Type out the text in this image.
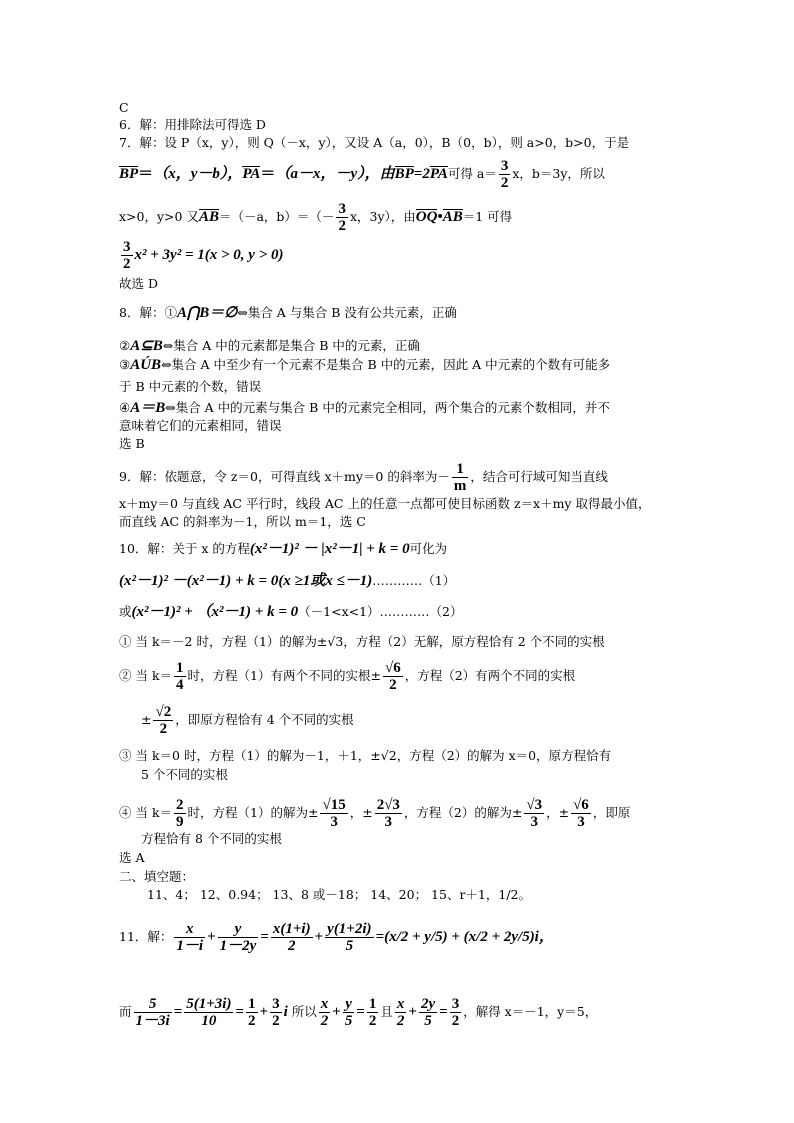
C
6．解：用排除法可得选 D
7．解：设 P（x，y），则 Q（－x，y），又设 A（a，0），B（0，b），则 a>0，b>0，于是
BP＝（x，y－b），PA＝（a－x，－y），由BP=2PA可得 $a= \frac{3}{2}$ x，b＝3y，所以
x>0，y>0 又AB＝（－a，$b)=(- \frac{3}{2}$ x，3y），由OQ•AB＝1 可得
$\frac{3}{2} x^2 + 3y^2 = 1(x > 0$, y > 0)
故选 D
8．解：①A⋂B＝∅⇔集合 A 与集合 B 没有公共元素，正确
②A⊆B⇔集合 A 中的元素都是集合 B 中的元素，正确
③AÚB⇔集合 A 中至少有一个元素不是集合 B 中的元素，因此 A 中元素的个数有可能多
于 B 中元素的个数，错误
④A＝B⇔集合 A 中的元素与集合 B 中的元素完全相同，两个集合的元素个数相同，并不
意味着它们的元素相同，错误
选 B
9．解：依题意，令 z＝0，可得直线 x＋my＝0 的斜率为－ $\frac{1}{m}$ ，结合可行域可知当直线
x＋my＝0 与直线 AC 平行时，线段 AC 上的任意一点都可使目标函数 z＝x＋my 取得最小值，
而直线 AC 的斜率为－1，所以 m＝1，选 C
10．解：关于 x 的方程(x²－1)² － |x²－1| + k = 0可化为
(x²－1)² －(x²－1) + k = 0(x ≥1或x ≤－1)…………（1）
或(x²－1)² + （x²－1) + k = 0（－1<x<1）…………（2）
① 当 k＝－2 时，方程（1）的解为±√3，方程（2）无解，原方程恰有 2 个不同的实根
② 当 $k= \frac{1}{4}$ 时，方程（1）有两个不同的实根± $\frac{√6}{2}$ ，方程（2）有两个不同的实根
± $\frac{√2}{2}$ ，即原方程恰有 4 个不同的实根
③ 当 k＝0 时，方程（1）的解为－1，＋1，±√2，方程（2）的解为 x＝0，原方程恰有
5 个不同的实根
④ 当 $k= \frac{2}{9}$ 时，方程（1）的解为± $\frac{√15}{3}$ ，± $\frac{2√3}{3}$ ，方程（2）的解为± $\frac{√3}{3}$ ，± $\frac{√6}{3}$ ，即原
方程恰有 8 个不同的实根
选 A
二、填空题：
11、4； 12、0.94； 13、8 或－18； 14、20； 15、r＋1，1/2。
11．解： $\frac{x}{1-i} + \frac{y}{1-2y} = \frac{x(1+i)}{2} + \frac{y(1+2i)}{5} =(x/2 + y/5) + (x/2 + 2y/5)i$，
而 $\frac{5}{1-3i} = \frac{5(1+3i)}{10} = \frac{1}{2} + \frac{3}{2}$ i 所以 $\frac{x}{2} + \frac{y}{5} = \frac{1}{2}$ 且 $\frac{x}{2} + \frac{2y}{5} = \frac{3}{2}$ ，解得 x＝－1，y＝5，
